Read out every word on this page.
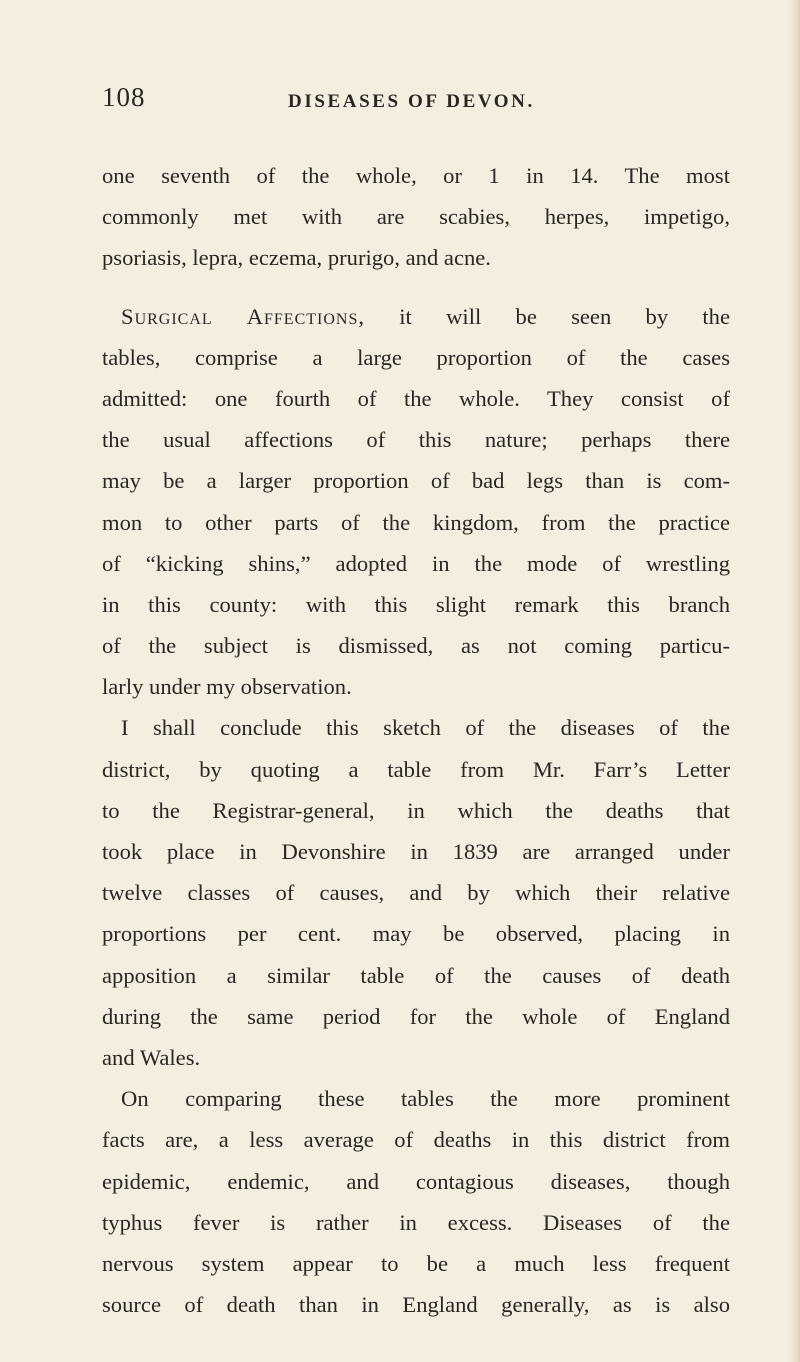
108	DISEASES OF DEVON.
one seventh of the whole, or 1 in 14. The most
commonly met with are scabies, herpes, impetigo,
psoriasis, lepra, eczema, prurigo, and acne.
Surgical Affections, it will be seen by the
tables, comprise a large proportion of the cases
admitted: one fourth of the whole. They consist of
the usual affections of this nature; perhaps there
may be a larger proportion of bad legs than is com-
mon to other parts of the kingdom, from the practice
of “kicking shins,” adopted in the mode of wrestling
in this county: with this slight remark this branch
of the subject is dismissed, as not coming particu-
larly under my observation.
I shall conclude this sketch of the diseases of the
district, by quoting a table from Mr. Farr’s Letter
to the Registrar-general, in which the deaths that
took place in Devonshire in 1839 are arranged under
twelve classes of causes, and by which their relative
proportions per cent. may be observed, placing in
apposition a similar table of the causes of death
during the same period for the whole of England
and Wales.
On comparing these tables the more prominent
facts are, a less average of deaths in this district from
epidemic, endemic, and contagious diseases, though
typhus fever is rather in excess. Diseases of the
nervous system appear to be a much less frequent
source of death than in England generally, as is also
